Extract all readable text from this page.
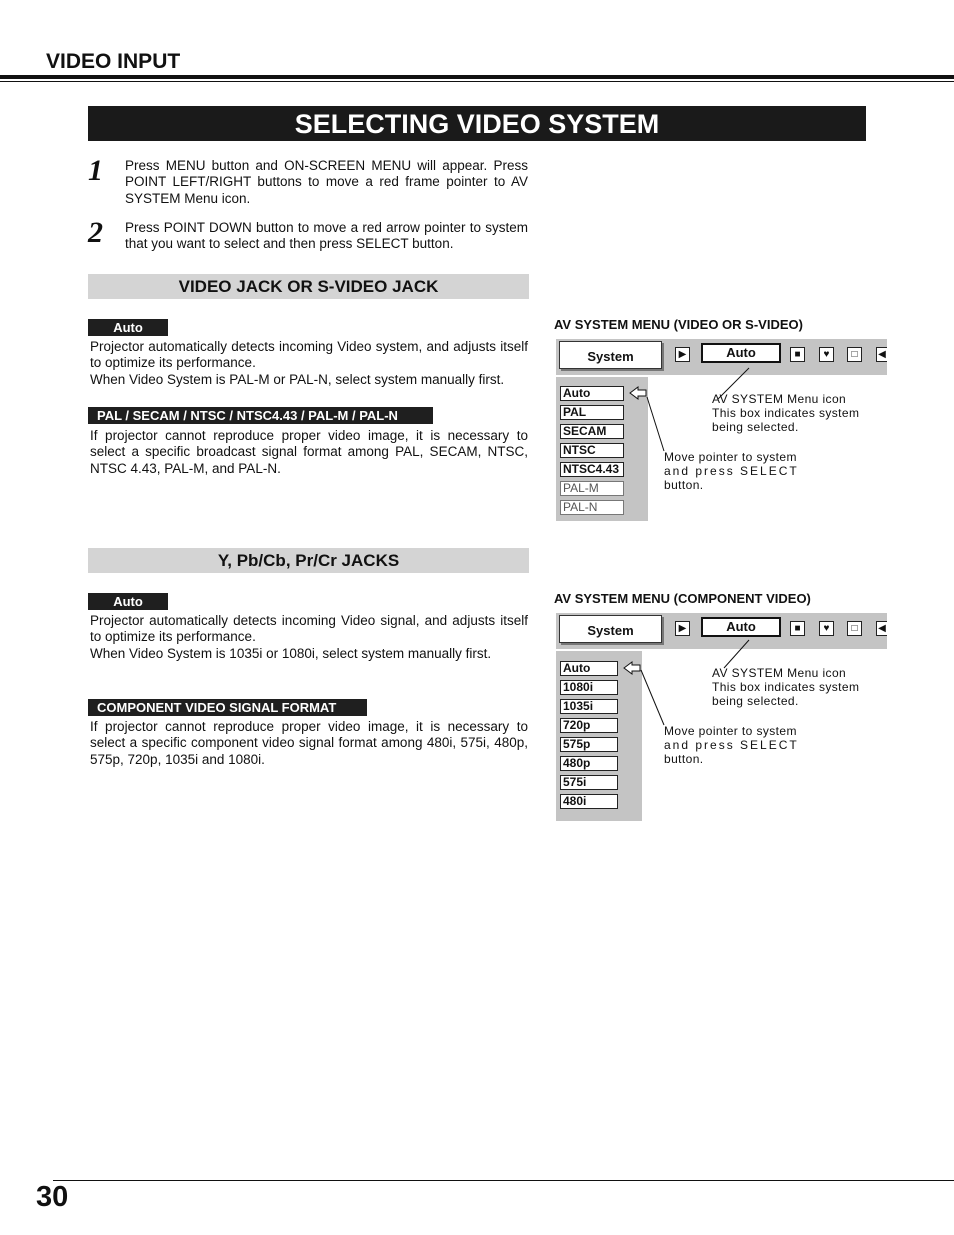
VIDEO INPUT
SELECTING VIDEO SYSTEM
1 Press MENU button and ON-SCREEN MENU will appear. Press POINT LEFT/RIGHT buttons to move a red frame pointer to AV SYSTEM Menu icon.

2 Press POINT DOWN button to move a red arrow pointer to system that you want to select and then press SELECT button.

VIDEO JACK OR S-VIDEO JACK
Auto

Projector automatically detects incoming Video system, and adjusts itself to optimize its performance.

When Video System is PAL-M or PAL-N, select system manually first.

PAL / SECAM / NTSC / NTSC4.43 / PAL-M / PAL-N

If projector cannot reproduce proper video image, it is necessary to select a specific broadcast signal format among PAL, SECAM, NTSC, NTSC 4.43, PAL-M, and PAL-N.

Y, Pb/Cb, Pr/Cr JACKS
Auto

Projector automatically detects incoming Video signal, and adjusts itself to optimize its performance.

When Video System is 1035i or 1080i, select system manually first.

COMPONENT VIDEO SIGNAL FORMAT

If projector cannot reproduce proper video image, it is necessary to select a specific component video signal format among 480i, 575i, 480p, 575p, 720p, 1035i and 1080i.

AV SYSTEM MENU (VIDEO OR S-VIDEO)
System	▶	Auto	■	♥	□	◀
Auto
PAL
SECAM
NTSC
NTSC4.43
PAL-M
PAL-N
AV SYSTEM Menu icon
This box indicates system
being selected.
Move pointer to system
and press SELECT
button.
AV SYSTEM MENU (COMPONENT VIDEO)
System	▶	Auto	■	♥	□	◀
Auto
1080i
1035i
720p
575p
480p
575i
480i
AV SYSTEM Menu icon
This box indicates system
being selected.
Move pointer to system
and press SELECT
button.
30
